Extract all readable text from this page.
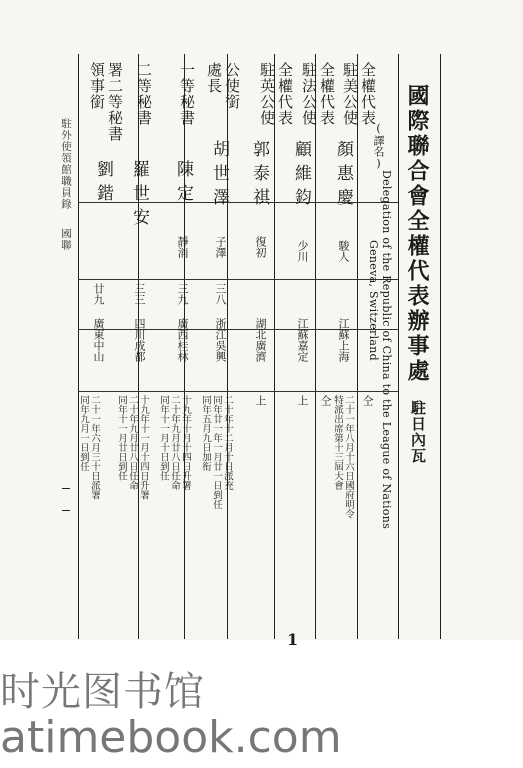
國際聯合會全權代表辦事處
駐日內瓦
(譯名)
Delegation of the Republic of China to the League of Nations
Geneva, Switzerland
全權代表
駐美公使
顏惠慶
駿人
江蘇上海
二十一年八月十六日國府明令
特派出席第十三屆大會
全權代表
駐法公使
顧維鈞
少川
江蘇嘉定
仝

上
全權代表
駐英公使
郭泰祺
復初
湖北廣濟
仝

上
公使銜
處長
胡世澤
子澤
三八
浙江吳興
二十年十二月十日派充
同年廿一年一月廿一日到任
同年五月九日加衔
一等秘書
陳定
靜消
三九
廣西桂林
十九年十月十四日升署
二十年九月廿八日任命
同年十一月十日到任
二等秘書
羅世安
三三
四川成都
十九年十一月十四日升署
二十年九月廿八日任命
同年十一月廿日到任
署二等秘書
領事銜
劉鍇
廿九
廣東中山
二十一年六月三十日派署
同年九月一日到任
駐外使領館職員錄
國聯
1
时光图书馆
atimebook.com
